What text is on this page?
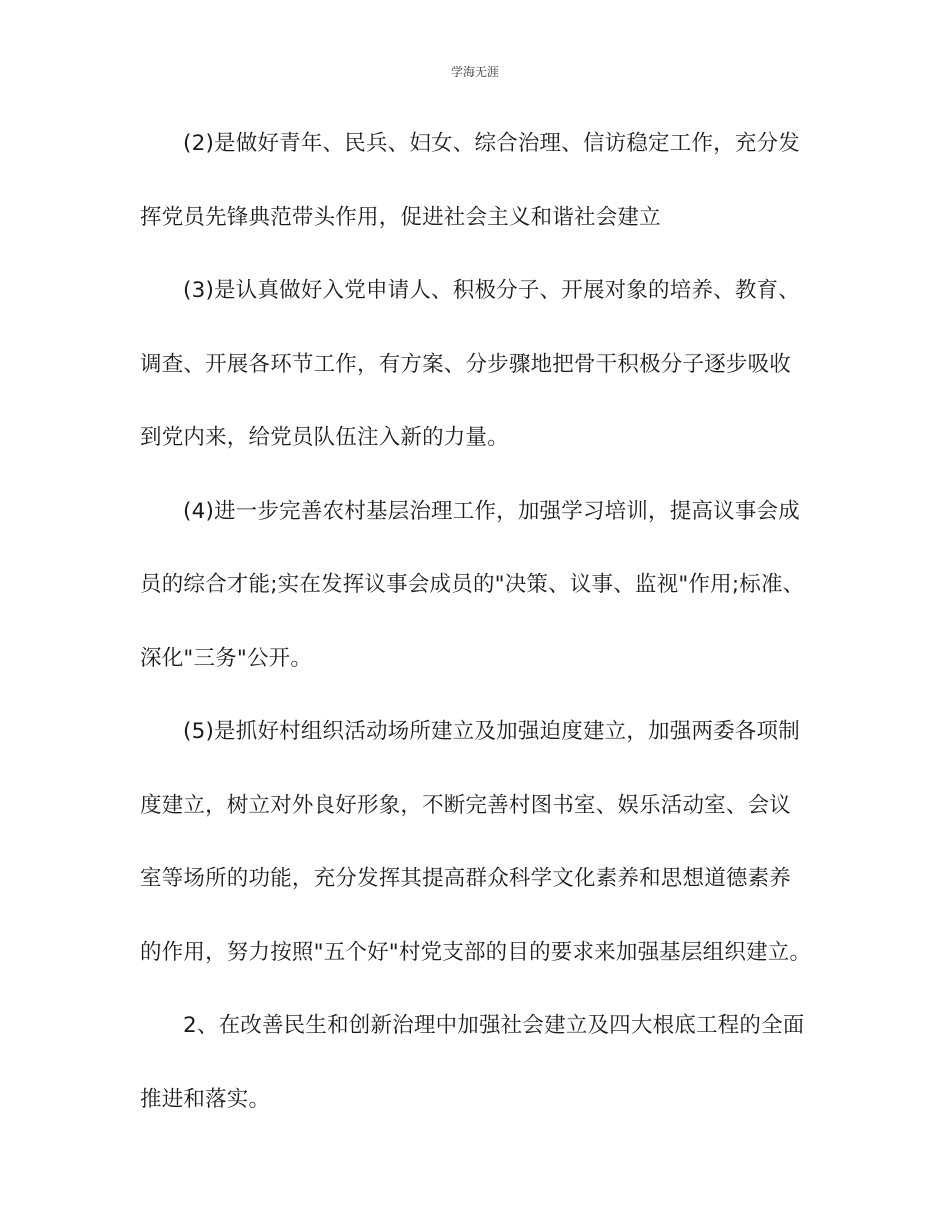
学海无涯
(2)是做好青年、民兵、妇女、综合治理、信访稳定工作，充分发
挥党员先锋典范带头作用，促进社会主义和谐社会建立
(3)是认真做好入党申请人、积极分子、开展对象的培养、教育、
调查、开展各环节工作，有方案、分步骤地把骨干积极分子逐步吸收
到党内来，给党员队伍注入新的力量。
(4)进一步完善农村基层治理工作，加强学习培训，提高议事会成
员的综合才能;实在发挥议事会成员的"决策、议事、监视"作用;标准、
深化"三务"公开。
(5)是抓好村组织活动场所建立及加强迫度建立，加强两委各项制
度建立，树立对外良好形象，不断完善村图书室、娱乐活动室、会议
室等场所的功能，充分发挥其提高群众科学文化素养和思想道德素养
的作用，努力按照"五个好"村党支部的目的要求来加强基层组织建立。
2、在改善民生和创新治理中加强社会建立及四大根底工程的全面
推进和落实。
